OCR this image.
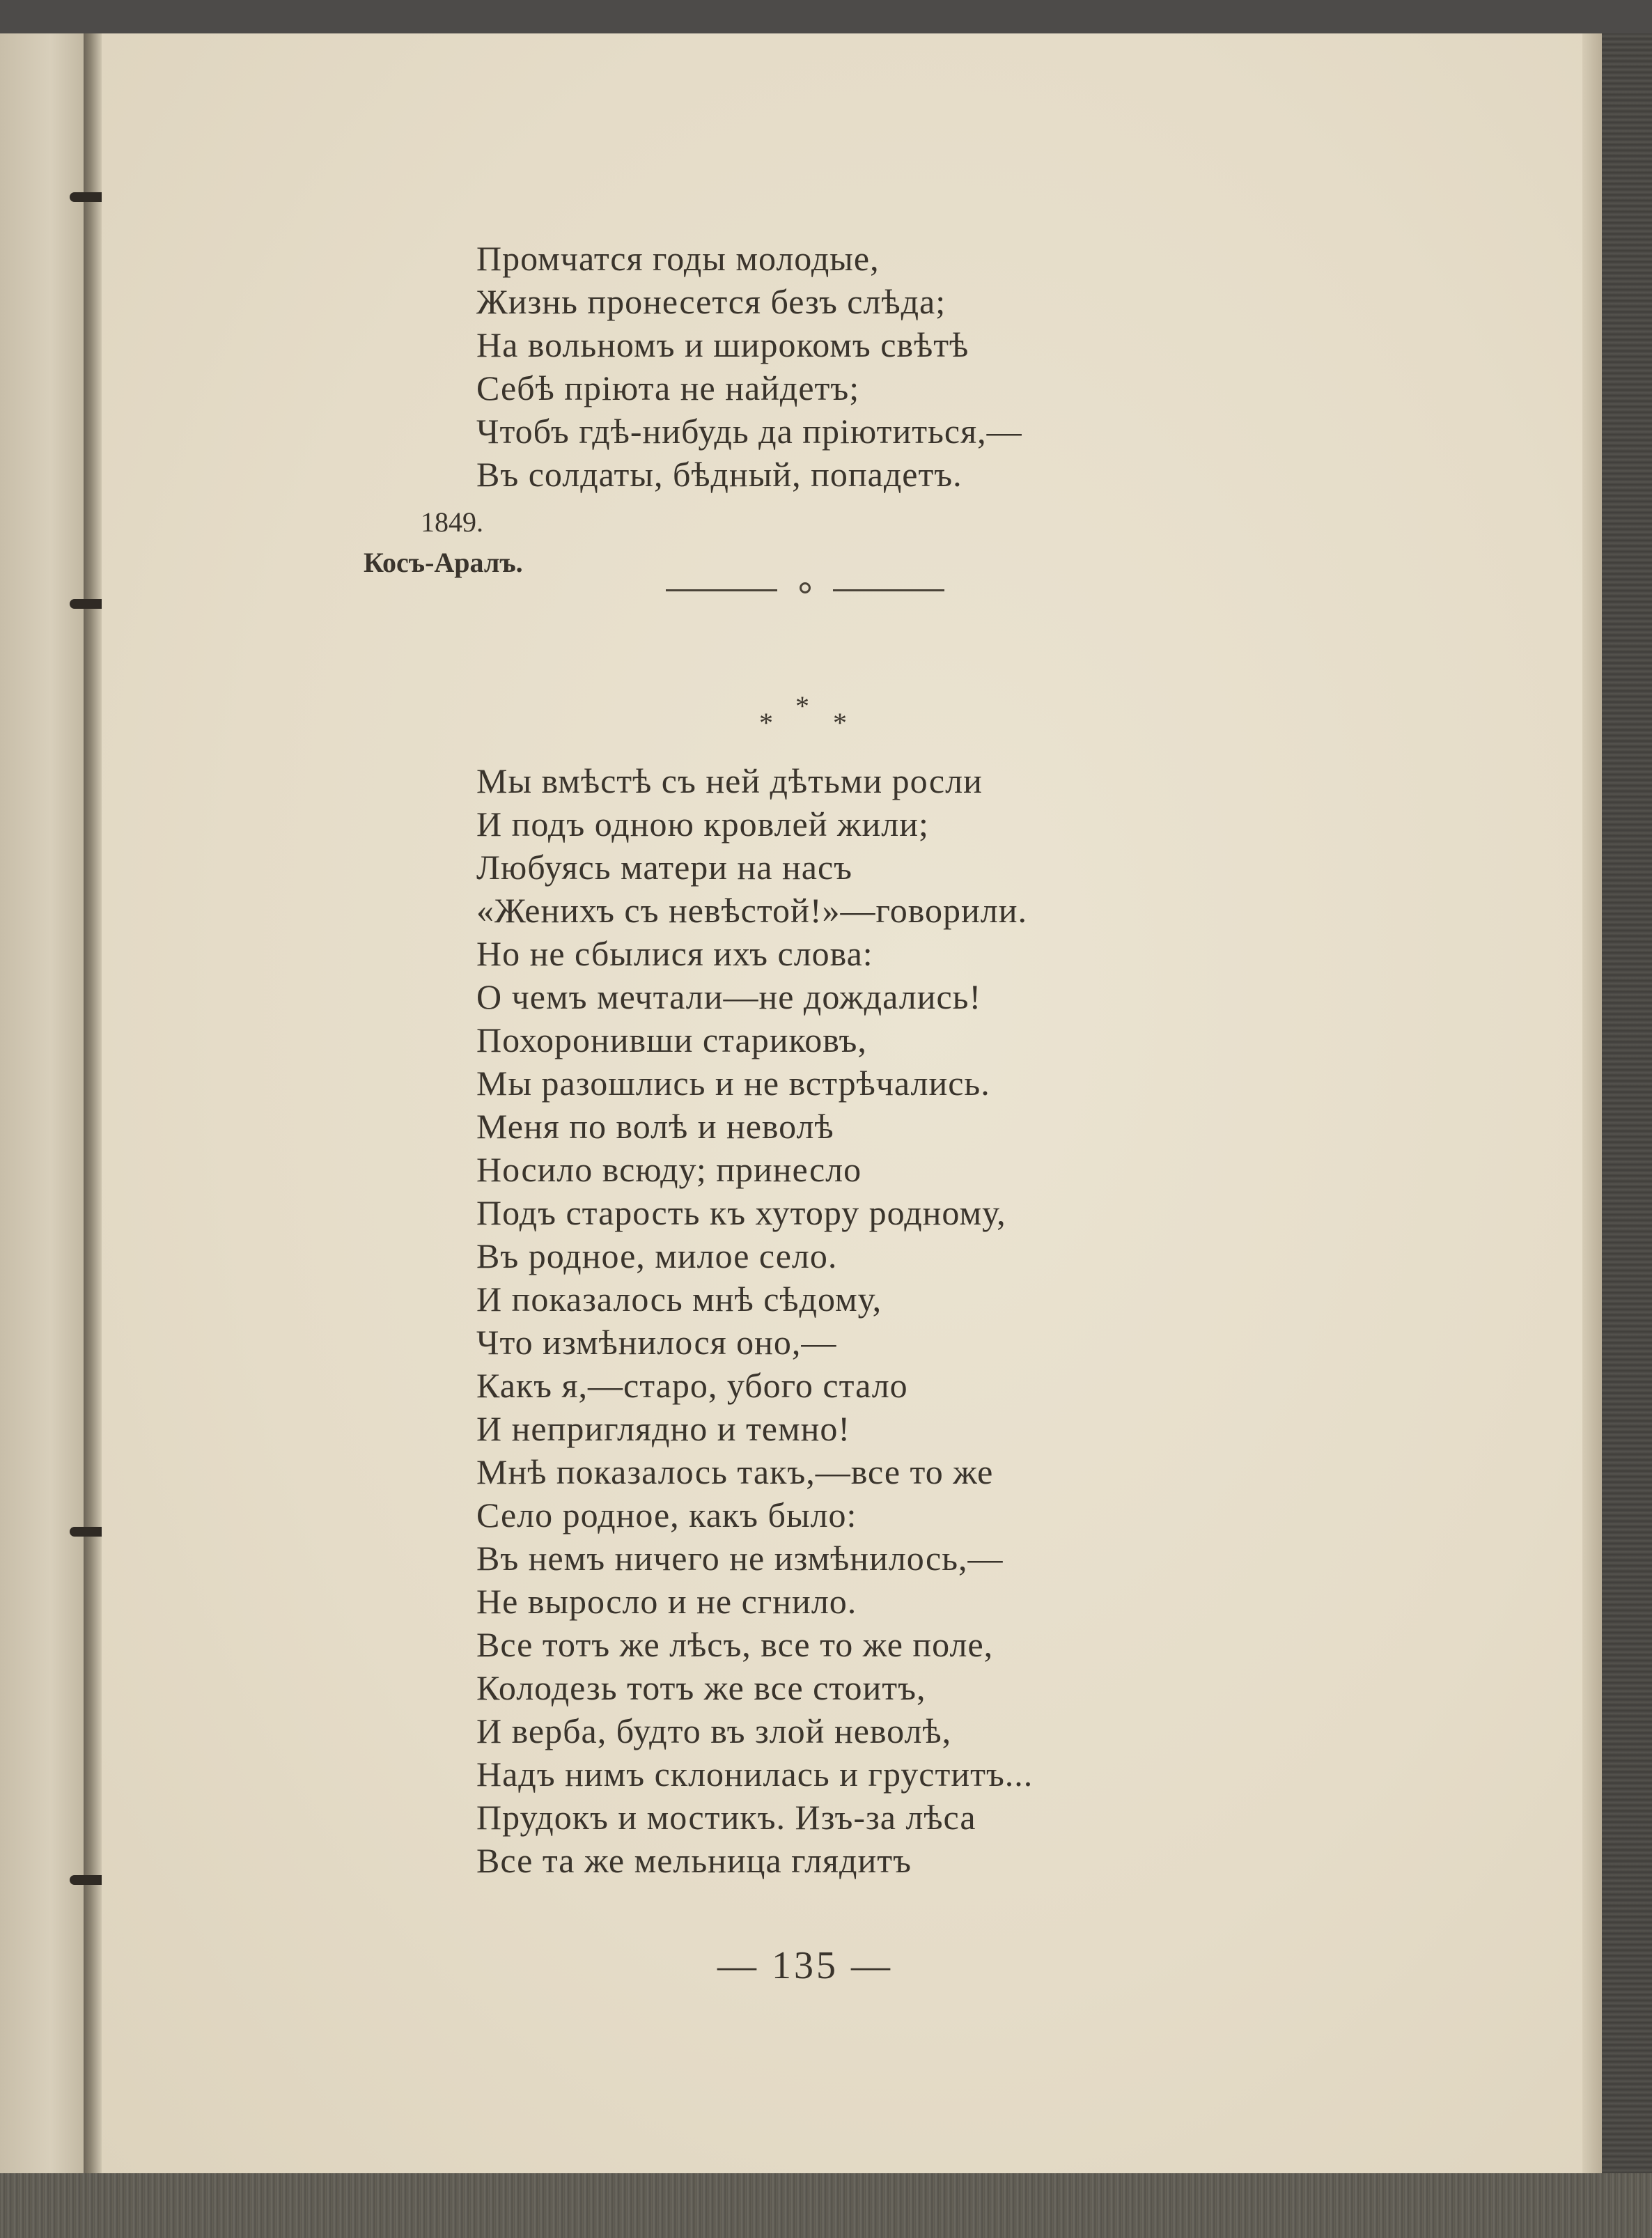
Промчатся годы молодые,
Жизнь пронесется безъ слѣда;
На вольномъ и широкомъ свѣтѣ
Себѣ пріюта не найдетъ;
Чтобъ гдѣ-нибудь да пріютиться,—
Въ солдаты, бѣдный, попадетъ.
1849.
Косъ-Аралъ.
*
* *
Мы вмѣстѣ съ ней дѣтьми росли
И подъ одною кровлей жили;
Любуясь матери на насъ
«Женихъ съ невѣстой!»—говорили.
Но не сбылися ихъ слова:
О чемъ мечтали—не дождались!
Похоронивши стариковъ,
Мы разошлись и не встрѣчались.
Меня по волѣ и неволѣ
Носило всюду; принесло
Подъ старость къ хутору родному,
Въ родное, милое село.
И показалось мнѣ сѣдому,
Что измѣнилося оно,—
Какъ я,—старо, убого стало
И неприглядно и темно!
Мнѣ показалось такъ,—все то же
Село родное, какъ было:
Въ немъ ничего не измѣнилось,—
Не выросло и не сгнило.
Все тотъ же лѣсъ, все то же поле,
Колодезь тотъ же все стоитъ,
И верба, будто въ злой неволѣ,
Надъ нимъ склонилась и груститъ...
Прудокъ и мостикъ. Изъ-за лѣса
Все та же мельница глядитъ
— 135 —
